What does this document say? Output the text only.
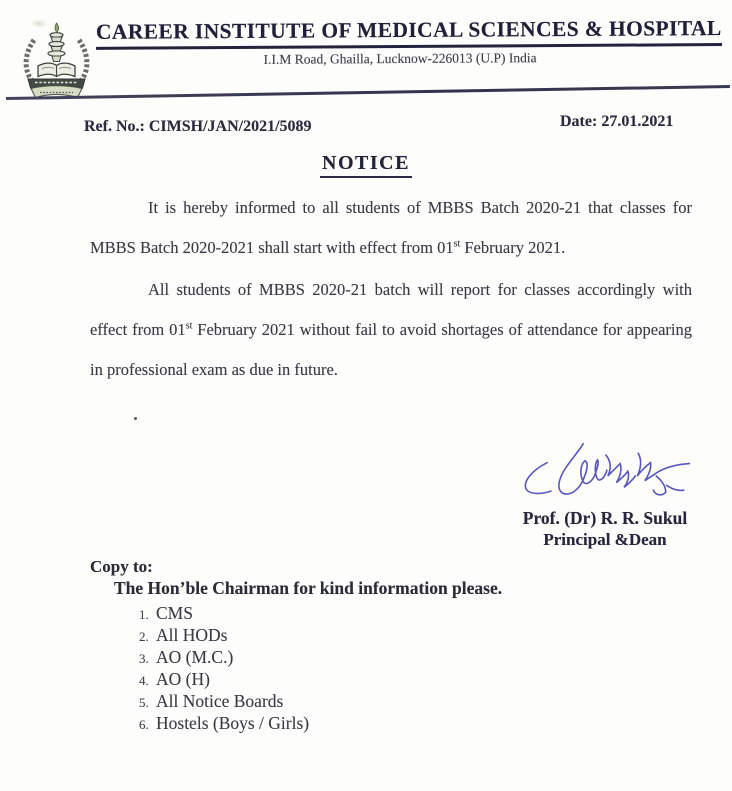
CAREER INSTITUTE OF MEDICAL SCIENCES & HOSPITAL

I.I.M Road, Ghailla, Lucknow-226013 (U.P) India

Ref. No.: CIMSH/JAN/2021/5089	Date: 27.01.2021
NOTICE

It is hereby informed to all students of MBBS Batch 2020-21 that classes for MBBS Batch 2020-2021 shall start with effect from 01st February 2021.

All students of MBBS 2020-21 batch will report for classes accordingly with effect from 01st February 2021 without fail to avoid shortages of attendance for appearing in professional exam as due in future.

Prof. (Dr) R. R. Sukul

Principal &Dean

Copy to:

The Hon’ble Chairman for kind information please.

1. CMS
2. All HODs
3. AO (M.C.)
4. AO (H)
5. All Notice Boards
6. Hostels (Boys / Girls)
